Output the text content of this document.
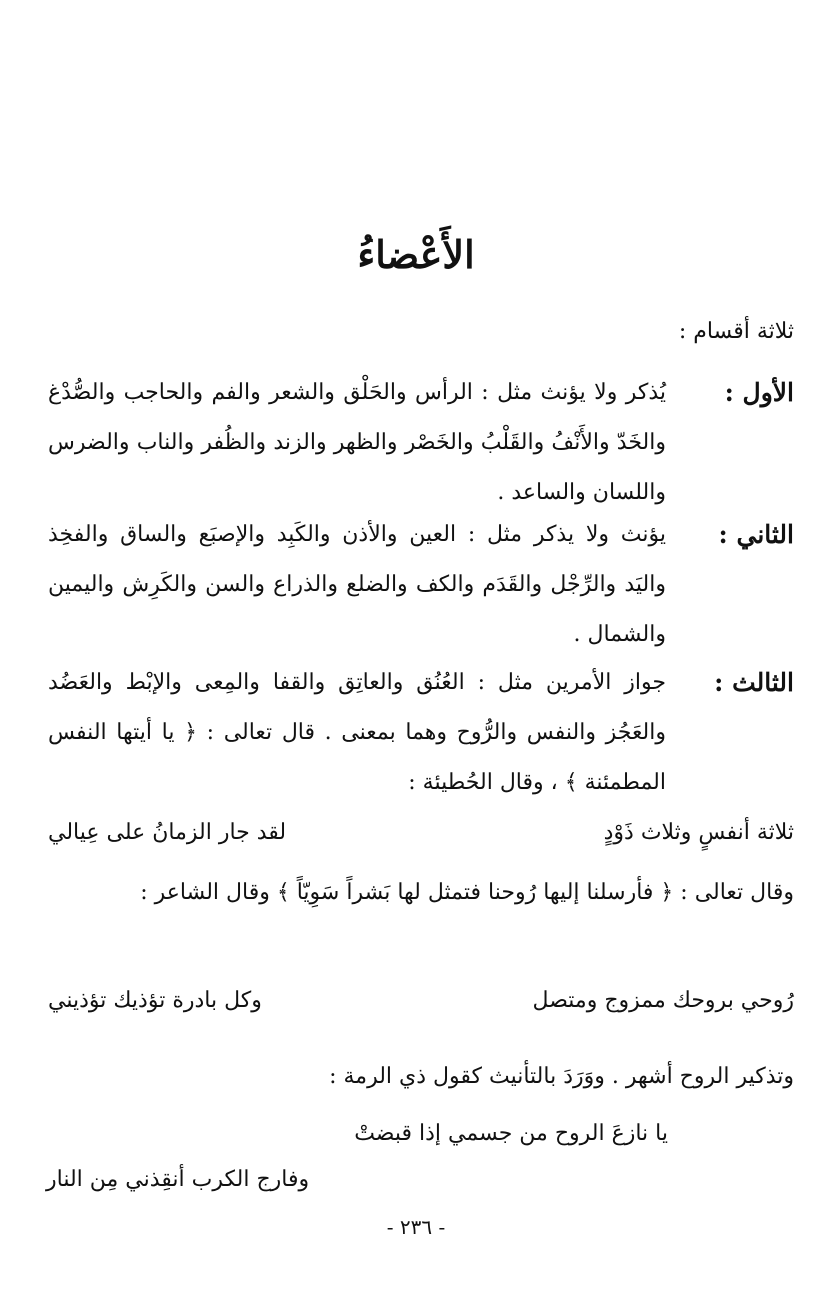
الأَعْضاءُ
ثلاثة أقسام :
الأول :
يُذكر ولا يؤنث مثل : الرأس والحَلْق والشعر والفم والحاجب والصُّدْغ والخَدّ والأَنْفُ والقَلْبُ والخَصْر والظهر والزند والظُفر والناب والضرس واللسان والساعد .
الثاني :
يؤنث ولا يذكر مثل : العين والأذن والكَبِد والإصبَع والساق والفخِذ واليَد والرِّجْل والقَدَم والكف والضلع والذراع والسن والكَرِش واليمين والشمال .
الثالث :
جواز الأمرين مثل : العُنُق والعاتِق والقفا والمِعى والإبْط والعَضُد والعَجُز والنفس والرُّوح وهما بمعنى . قال تعالى : ﴿ يا أيتها النفس المطمئنة ﴾ ، وقال الحُطيئة :
ثلاثة أنفسٍ وثلاث ذَوْدٍ
لقد جار الزمانُ على عِيالي
وقال تعالى : ﴿ فأرسلنا إليها رُوحنا فتمثل لها بَشراً سَوِيّاً ﴾ وقال الشاعر :
رُوحي بروحك ممزوج ومتصل
وكل بادرة تؤذيك تؤذيني
وتذكير الروح أشهر . ووَرَدَ بالتأنيث كقول ذي الرمة :
يا نازعَ الروح من جسمي إذا قبضتْ
وفارج الكرب أنقِذني مِن النار
- ٢٣٦ -
